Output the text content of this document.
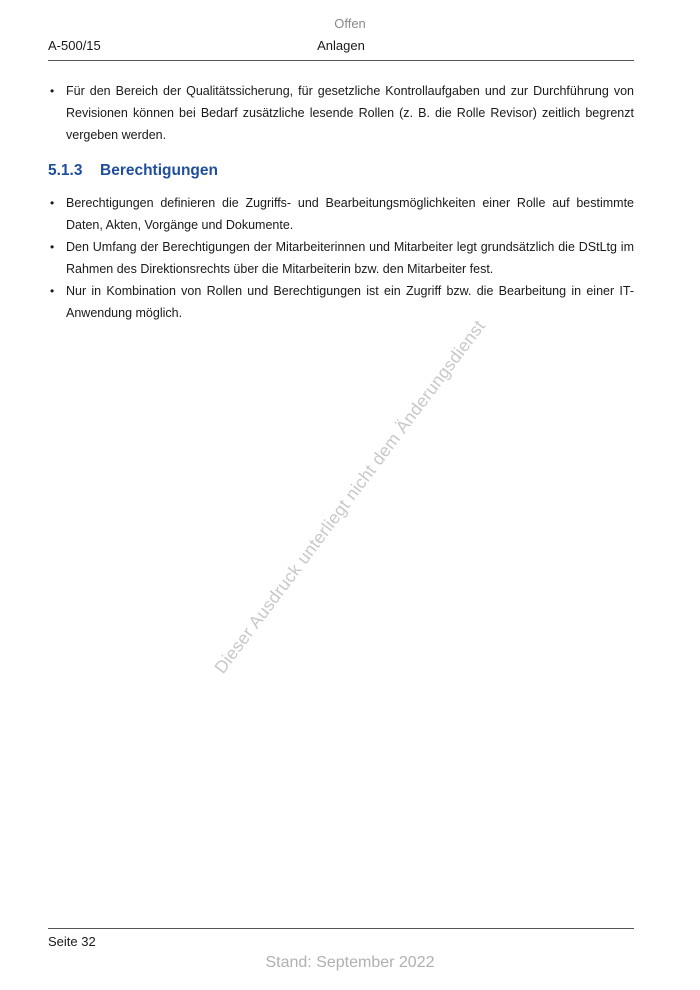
Offen
A-500/15	Anlagen
• Für den Bereich der Qualitätssicherung, für gesetzliche Kontrollaufgaben und zur Durchführung von Revisionen können bei Bedarf zusätzliche lesende Rollen (z. B. die Rolle Revisor) zeitlich begrenzt vergeben werden.
5.1.3	Berechtigungen
• Berechtigungen definieren die Zugriffs- und Bearbeitungsmöglichkeiten einer Rolle auf bestimmte Daten, Akten, Vorgänge und Dokumente.
• Den Umfang der Berechtigungen der Mitarbeiterinnen und Mitarbeiter legt grundsätzlich die DStLtg im Rahmen des Direktionsrechts über die Mitarbeiterin bzw. den Mitarbeiter fest.
• Nur in Kombination von Rollen und Berechtigungen ist ein Zugriff bzw. die Bearbeitung in einer IT-Anwendung möglich.
Dieser Ausdruck unterliegt nicht dem Änderungsdienst
Seite 32
Stand: September 2022
